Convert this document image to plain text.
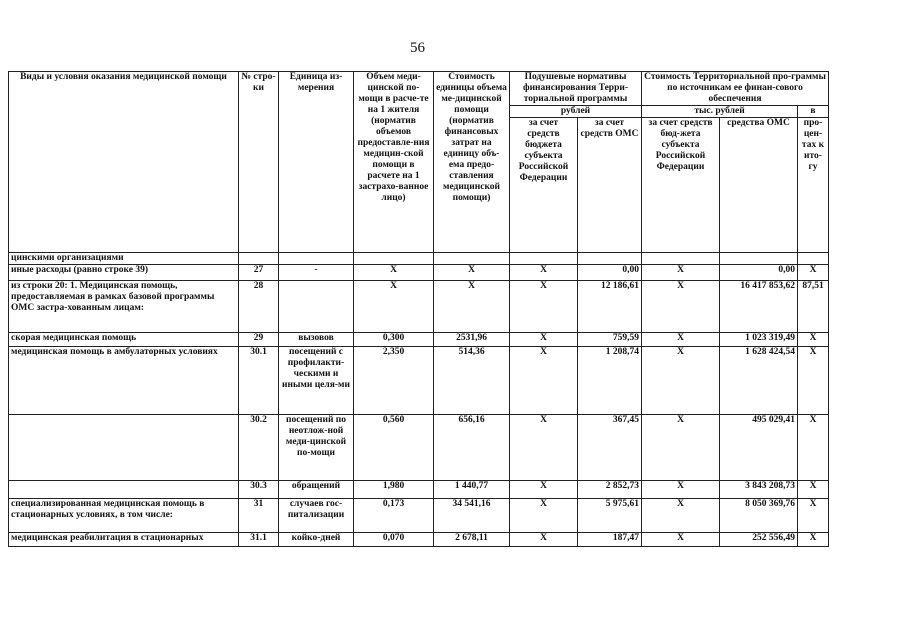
56
Виды и условия оказания медицинской помощи	№ стро-ки	Единица из-мерения	Объем меди-цинской по-мощи в расче-те на 1 жителя (норматив объемов предоставле-ния медицин-ской помощи в расчете на 1 застрахо-ванное лицо)	Стоимость единицы объема ме-дицинской помощи (норматив финансовых затрат на единицу объ-ема предо-ставления медицинской помощи)	Подушевые нормативы финансирования Терри-ториальной программы		Стоимость Территориальной про-граммы по источникам ее финан-сового обеспечения		
					рублей		тыс. рублей		в
					за счет средств бюджета субъекта Российской Федерации	за счет средств ОМС	за счет средств бюд-жета субъекта Российской Федерации	средства ОМС	про-цен-тах к ито-гу
цинскими организациями									
иные расходы (равно строке 39)	27	-	X	X	X	0,00	X	0,00	X
из строки 20: 1. Медицинская помощь, предоставляемая в рамках базовой программы ОМС застра-хованным лицам:	28		X	X	X	12 186,61	X	16 417 853,62	87,51
скорая медицинская помощь	29	вызовов	0,300	2531,96	X	759,59	X	1 023 319,49	X
медицинская помощь в амбулаторных условиях	30.1	посещений с профилакти-ческими и иными целя-ми	2,350	514,36	X	1 208,74	X	1 628 424,54	X
	30.2	посещений по неотлож-ной меди-цинской по-мощи	0,560	656,16	X	367,45	X	495 029,41	X
	30.3	обращений	1,980	1 440,77	X	2 852,73	X	3 843 208,73	X
специализированная медицинская помощь в стационарных условиях, в том числе:	31	случаев гос-питализации	0,173	34 541,16	X	5 975,61	X	8 050 369,76	X
медицинская реабилитация в стационарных	31.1	койко-дней	0,070	2 678,11	X	187,47	X	252 556,49	X
